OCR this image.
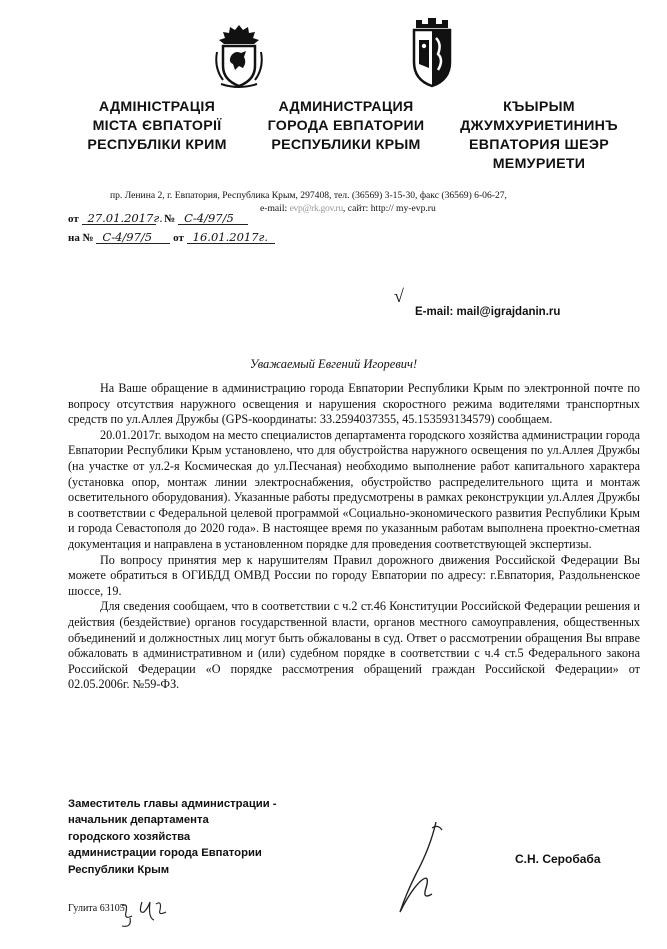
АДМІНІСТРАЦІЯ
МІСТА ЄВПАТОРІЇ
РЕСПУБЛІКИ КРИМ
АДМИНИСТРАЦИЯ
ГОРОДА ЕВПАТОРИИ
РЕСПУБЛИКИ КРЫМ
КЪЫРЫМ
ДЖУМХУРИЕТИНИНЪ
ЕВПАТОРИЯ ШЕЭР
МЕМУРИЕТИ
пр. Ленина 2, г. Евпатория, Республика Крым, 297408, тел. (36569) 3-15-30, факс (36569) 6-06-27,
e-mail: evp@rk.gov.ru, сайт: http:// my-evp.ru
от 27.01.2017г. № С-4/97/5
на № С-4/97/5 от 16.01.2017г.
√
E-mail: mail@igrajdanin.ru
Уважаемый Евгений Игоревич!

На Ваше обращение в администрацию города Евпатории Республики Крым по электронной почте по вопросу отсутствия наружного освещения и нарушения скоростного режима водителями транспортных средств по ул.Аллея Дружбы (GPS-координаты: 33.2594037355, 45.153593134579) сообщаем.

20.01.2017г. выходом на место специалистов департамента городского хозяйства администрации города Евпатории Республики Крым установлено, что для обустройства наружного освещения по ул.Аллея Дружбы (на участке от ул.2-я Космическая до ул.Песчаная) необходимо выполнение работ капитального характера (установка опор, монтаж линии электроснабжения, обустройство распределительного щита и монтаж осветительного оборудования). Указанные работы предусмотрены в рамках реконструкции ул.Аллея Дружбы в соответствии с Федеральной целевой программой «Социально-экономического развития Республики Крым и города Севастополя до 2020 года». В настоящее время по указанным работам выполнена проектно-сметная документация и направлена в установленном порядке для проведения соответствующей экспертизы.

По вопросу принятия мер к нарушителям Правил дорожного движения Российской Федерации Вы можете обратиться в ОГИБДД ОМВД России по городу Евпатории по адресу: г.Евпатория, Раздольненское шоссе, 19.

Для сведения сообщаем, что в соответствии с ч.2 ст.46 Конституции Российской Федерации решения и действия (бездействие) органов государственной власти, органов местного самоуправления, общественных объединений и должностных лиц могут быть обжалованы в суд. Ответ о рассмотрении обращения Вы вправе обжаловать в административном и (или) судебном порядке в соответствии с ч.4 ст.5 Федерального закона Российской Федерации «О порядке рассмотрения обращений граждан Российской Федерации» от 02.05.2006г. №59-ФЗ.

Заместитель главы администрации -
начальник департамента
городского хозяйства
администрации города Евпатории
Республики Крым
С.Н. Серобаба
Гулита 63105
